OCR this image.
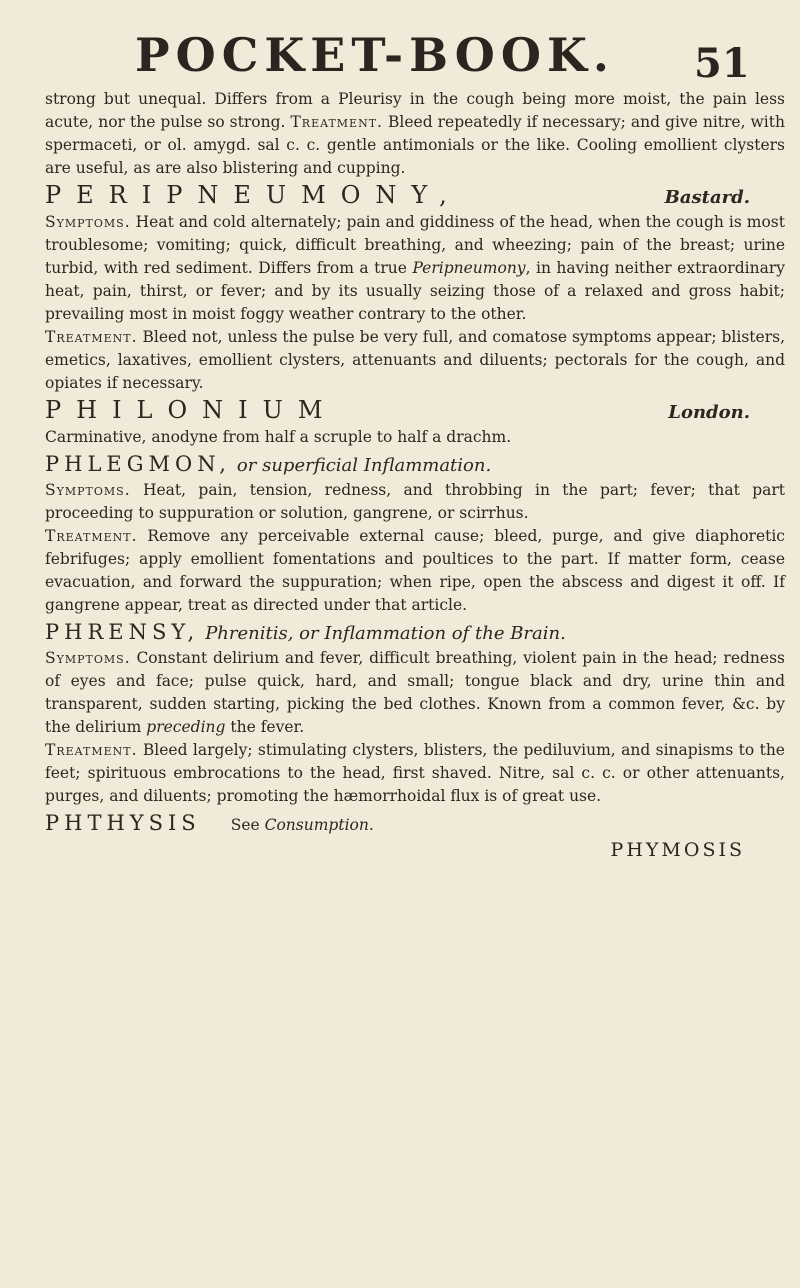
POCKET-BOOK.	51

strong but unequal. Differs from a Pleurisy in the cough being more moist, the pain less acute, nor the pulse so strong. Treatment. Bleed repeatedly if necessary; and give nitre, with spermaceti, or ol. amygd. sal c. c. gentle antimonials or the like. Cooling emollient clysters are useful, as are also blistering and cupping.

PERIPNEUMONY,	Bastard.

Symptoms. Heat and cold alternately; pain and giddiness of the head, when the cough is most troublesome; vomiting; quick, difficult breathing, and wheezing; pain of the breast; urine turbid, with red sediment. Differs from a true Peripneumony, in having neither extraordinary heat, pain, thirst, or fever; and by its usually seizing those of a relaxed and gross habit; prevailing most in moist foggy weather contrary to the other.
Treatment. Bleed not, unless the pulse be very full, and comatose symptoms appear; blisters, emetics, laxatives, emollient clysters, attenuants and diluents; pectorals for the cough, and opiates if necessary.

PHILONIUM	London.

Carminative, anodyne from half a scruple to half a drachm.

PHLEGMON, or superficial Inflammation.

Symptoms. Heat, pain, tension, redness, and throbbing in the part; fever; that part proceeding to suppuration or solution, gangrene, or scirrhus.
Treatment. Remove any perceivable external cause; bleed, purge, and give diaphoretic febrifuges; apply emollient fomentations and poultices to the part. If matter form, cease evacuation, and forward the suppuration; when ripe, open the abscess and digest it off. If gangrene appear, treat as directed under that article.

PHRENSY, Phrenitis, or Inflammation of the Brain.

Symptoms. Constant delirium and fever, difficult breathing, violent pain in the head; redness of eyes and face; pulse quick, hard, and small; tongue black and dry, urine thin and transparent, sudden starting, picking the bed clothes. Known from a common fever, &c. by the delirium preceding the fever.
Treatment. Bleed largely; stimulating clysters, blisters, the pediluvium, and sinapisms to the feet; spirituous embrocations to the head, first shaved. Nitre, sal c. c. or other attenuants, purges, and diluents; promoting the hæmorrhoidal flux is of great use.

PHTHYSIS See Consumption.
PHYMOSIS
